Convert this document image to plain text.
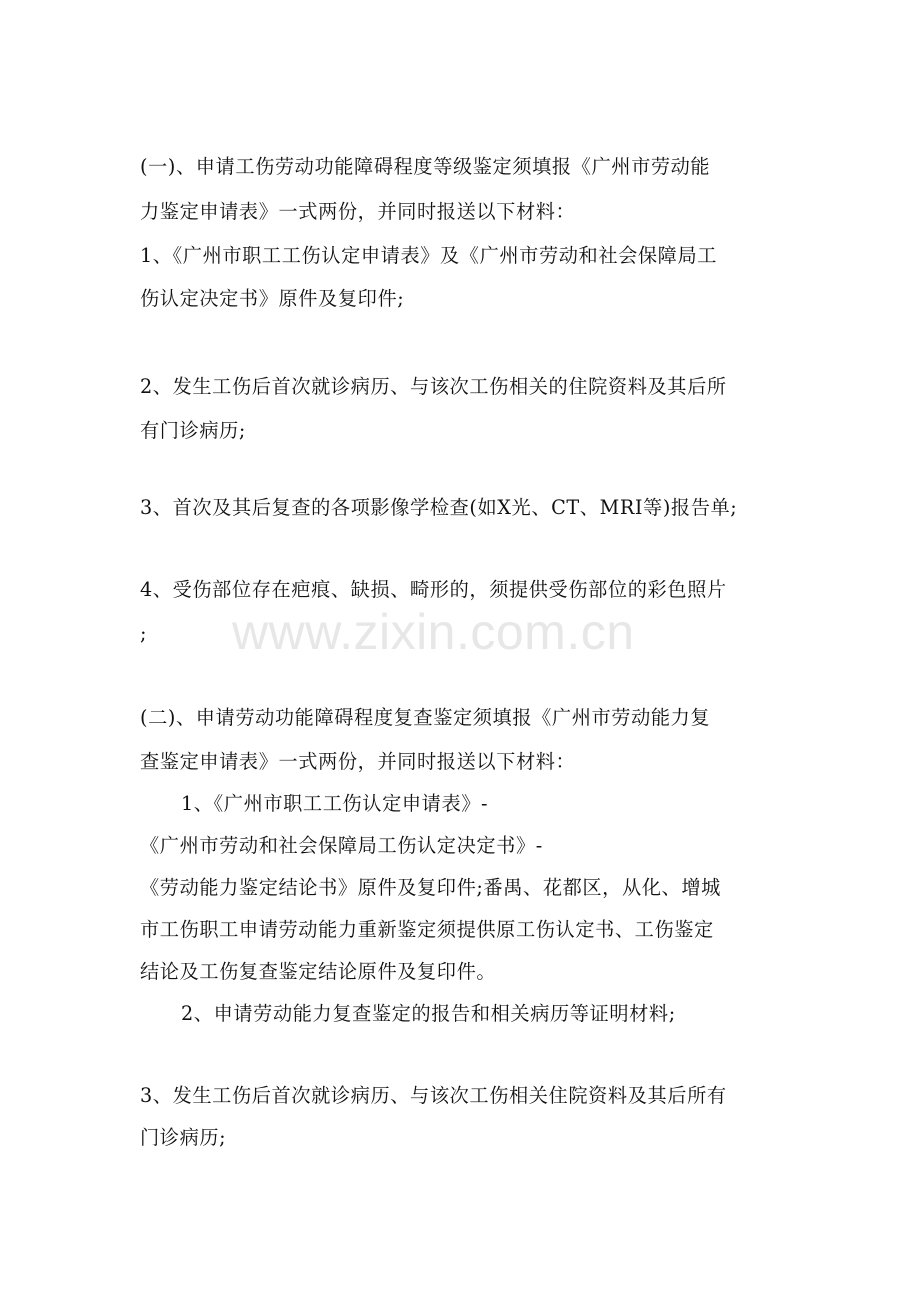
(一)、申请工伤劳动功能障碍程度等级鉴定须填报《广州市劳动能
力鉴定申请表》一式两份，并同时报送以下材料：
1、《广州市职工工伤认定申请表》及《广州市劳动和社会保障局工
伤认定决定书》原件及复印件;
2、发生工伤后首次就诊病历、与该次工伤相关的住院资料及其后所
有门诊病历;
3、首次及其后复查的各项影像学检查(如X光、CT、MRI等)报告单;
4、受伤部位存在疤痕、缺损、畸形的，须提供受伤部位的彩色照片
;
(二)、申请劳动功能障碍程度复查鉴定须填报《广州市劳动能力复
查鉴定申请表》一式两份，并同时报送以下材料：
1、《广州市职工工伤认定申请表》-
《广州市劳动和社会保障局工伤认定决定书》-
《劳动能力鉴定结论书》原件及复印件;番禺、花都区，从化、增城
市工伤职工申请劳动能力重新鉴定须提供原工伤认定书、工伤鉴定
结论及工伤复查鉴定结论原件及复印件。
2、申请劳动能力复查鉴定的报告和相关病历等证明材料;
3、发生工伤后首次就诊病历、与该次工伤相关住院资料及其后所有
门诊病历;
www.zixin.com.cn
